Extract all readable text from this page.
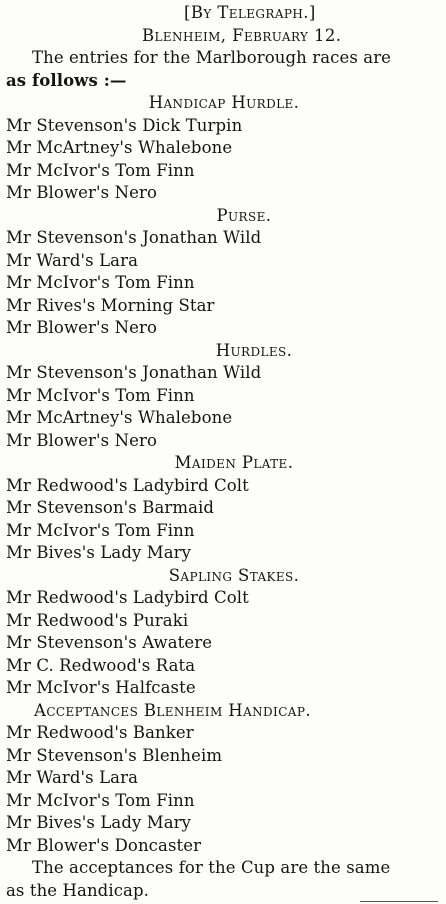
[By Telegraph.]
Blenheim, February 12.
The entries for the Marlborough races are
as follows :—
Handicap Hurdle.
Mr Stevenson's Dick Turpin
Mr McArtney's Whalebone
Mr McIvor's Tom Finn
Mr Blower's Nero
Purse.
Mr Stevenson's Jonathan Wild
Mr Ward's Lara
Mr McIvor's Tom Finn
Mr Rives's Morning Star
Mr Blower's Nero
Hurdles.
Mr Stevenson's Jonathan Wild
Mr McIvor's Tom Finn
Mr McArtney's Whalebone
Mr Blower's Nero
Maiden Plate.
Mr Redwood's Ladybird Colt
Mr Stevenson's Barmaid
Mr McIvor's Tom Finn
Mr Bives's Lady Mary
Sapling Stakes.
Mr Redwood's Ladybird Colt
Mr Redwood's Puraki
Mr Stevenson's Awatere
Mr C. Redwood's Rata
Mr McIvor's Halfcaste
Acceptances Blenheim Handicap.
Mr Redwood's Banker
Mr Stevenson's Blenheim
Mr Ward's Lara
Mr McIvor's Tom Finn
Mr Bives's Lady Mary
Mr Blower's Doncaster
The acceptances for the Cup are the same
as the Handicap.
